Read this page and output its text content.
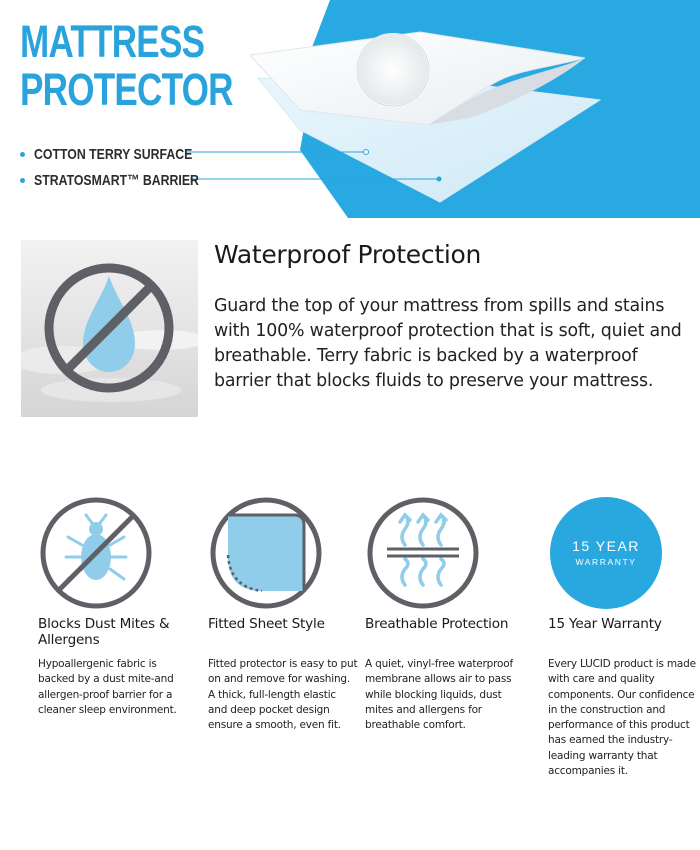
MATTRESS
PROTECTOR
COTTON TERRY SURFACE
STRATOSMART™ BARRIER
Waterproof Protection
Guard the top of your mattress from spills and stains with 100% waterproof protection that is soft, quiet and breathable. Terry fabric is backed by a waterproof barrier that blocks fluids to preserve your mattress.
Blocks Dust Mites & Allergens
Hypoallergenic fabric is backed by a dust mite-and allergen-proof barrier for a cleaner sleep environment.
Fitted Sheet Style
Fitted protector is easy to put on and remove for washing. A thick, full-length elastic and deep pocket design ensure a smooth, even fit.
Breathable Protection
A quiet, vinyl-free waterproof membrane allows air to pass while blocking liquids, dust mites and allergens for breathable comfort.
15 YEAR
WARRANTY
15 Year Warranty
Every LUCID product is made with care and quality components. Our confidence in the construction and performance of this product has earned the industry-leading warranty that accompanies it.
